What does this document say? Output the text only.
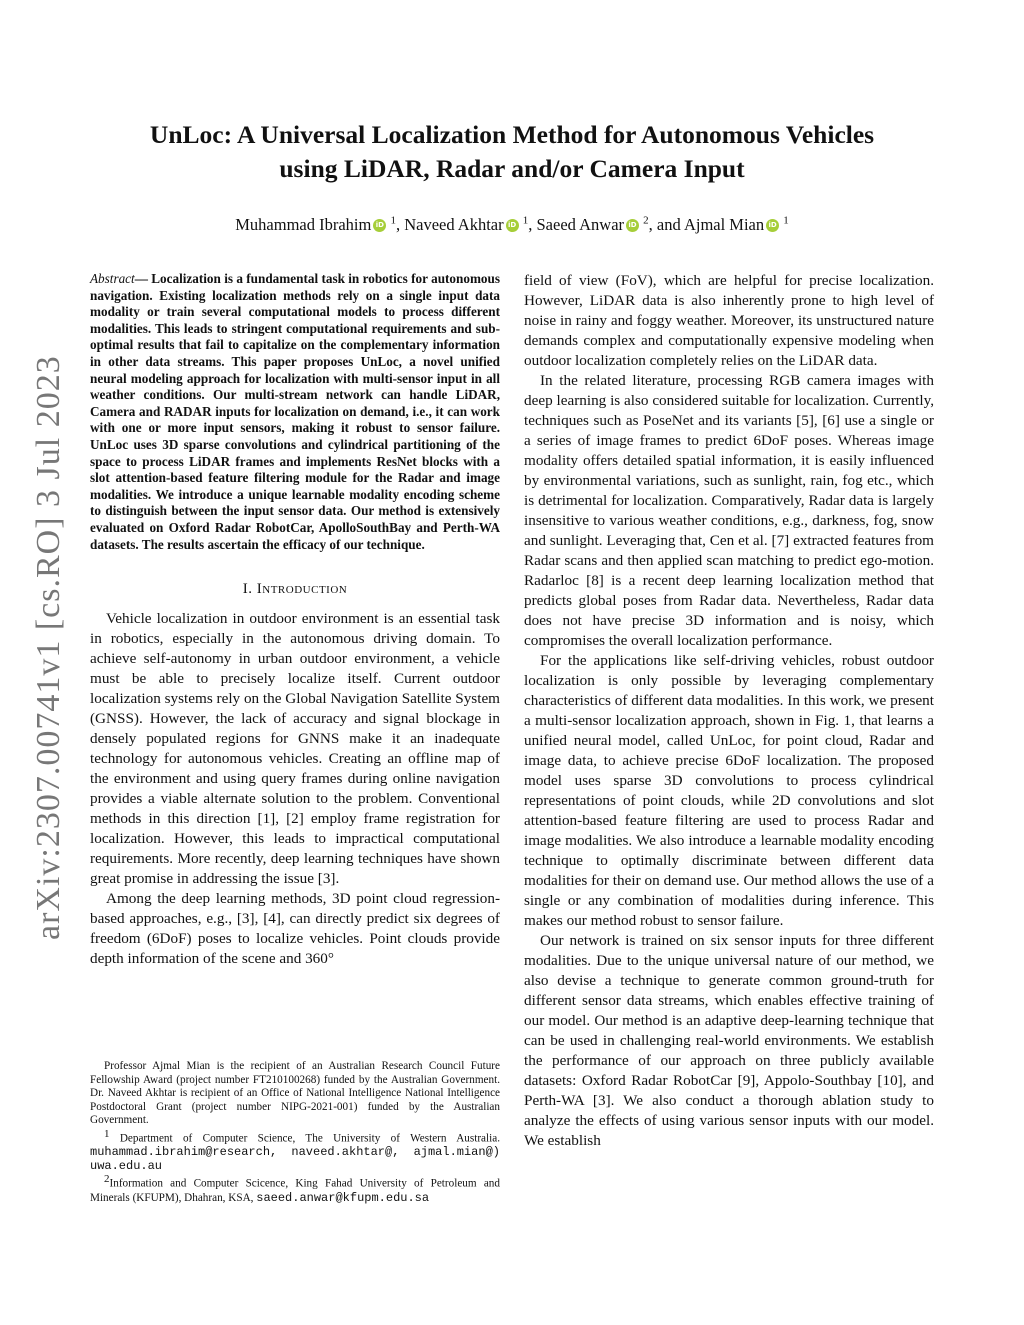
UnLoc: A Universal Localization Method for Autonomous Vehicles
using LiDAR, Radar and/or Camera Input
Muhammad Ibrahim iD $^1$, Naveed Akhtar iD $^1$, Saeed Anwar iD $^2$, and Ajmal Mian iD $^1$
arXiv:2307.00741v1 [cs.RO] 3 Jul 2023
Abstract— Localization is a fundamental task in robotics for autonomous navigation. Existing localization methods rely on a single input data modality or train several computational models to process different modalities. This leads to stringent computational requirements and sub-optimal results that fail to capitalize on the complementary information in other data streams. This paper proposes UnLoc, a novel unified neural modeling approach for localization with multi-sensor input in all weather conditions. Our multi-stream network can handle LiDAR, Camera and RADAR inputs for localization on demand, i.e., it can work with one or more input sensors, making it robust to sensor failure. UnLoc uses 3D sparse convolutions and cylindrical partitioning of the space to process LiDAR frames and implements ResNet blocks with a slot attention-based feature filtering module for the Radar and image modalities. We introduce a unique learnable modality encoding scheme to distinguish between the input sensor data. Our method is extensively evaluated on Oxford Radar RobotCar, ApolloSouthBay and Perth-WA datasets. The results ascertain the efficacy of our technique.
I. Introduction

Vehicle localization in outdoor environment is an essential task in robotics, especially in the autonomous driving domain. To achieve self-autonomy in urban outdoor environment, a vehicle must be able to precisely localize itself. Current outdoor localization systems rely on the Global Navigation Satellite System (GNSS). However, the lack of accuracy and signal blockage in densely populated regions for GNNS make it an inadequate technology for autonomous vehicles. Creating an offline map of the environment and using query frames during online navigation provides a viable alternate solution to the problem. Conventional methods in this direction [1], [2] employ frame registration for localization. However, this leads to impractical computational requirements. More recently, deep learning techniques have shown great promise in addressing the issue [3].

Among the deep learning methods, 3D point cloud regression-based approaches, e.g., [3], [4], can directly predict six degrees of freedom (6DoF) poses to localize vehicles. Point clouds provide depth information of the scene and 360°

Professor Ajmal Mian is the recipient of an Australian Research Council Future Fellowship Award (project number FT210100268) funded by the Australian Government. Dr. Naveed Akhtar is recipient of an Office of National Intelligence National Intelligence Postdoctoral Grant (project number NIPG-2021-001) funded by the Australian Government.

$^1$ Department of Computer Science, The University of Western Australia. muhammad.ibrahim@research, naveed.akhtar@, ajmal.mian@) uwa.edu.au

$^2$Information and Computer Scicence, King Fahad University of Petroleum and Minerals (KFUPM), Dhahran, KSA, saeed.anwar@kfupm.edu.sa

field of view (FoV), which are helpful for precise localization. However, LiDAR data is also inherently prone to high level of noise in rainy and foggy weather. Moreover, its unstructured nature demands complex and computationally expensive modeling when outdoor localization completely relies on the LiDAR data.

In the related literature, processing RGB camera images with deep learning is also considered suitable for localization. Currently, techniques such as PoseNet and its variants [5], [6] use a single or a series of image frames to predict 6DoF poses. Whereas image modality offers detailed spatial information, it is easily influenced by environmental variations, such as sunlight, rain, fog etc., which is detrimental for localization. Comparatively, Radar data is largely insensitive to various weather conditions, e.g., darkness, fog, snow and sunlight. Leveraging that, Cen et al. [7] extracted features from Radar scans and then applied scan matching to predict ego-motion. Radarloc [8] is a recent deep learning localization method that predicts global poses from Radar data. Nevertheless, Radar data does not have precise 3D information and is noisy, which compromises the overall localization performance.

For the applications like self-driving vehicles, robust outdoor localization is only possible by leveraging complementary characteristics of different data modalities. In this work, we present a multi-sensor localization approach, shown in Fig. 1, that learns a unified neural model, called UnLoc, for point cloud, Radar and image data, to achieve precise 6DoF localization. The proposed model uses sparse 3D convolutions to process cylindrical representations of point clouds, while 2D convolutions and slot attention-based feature filtering are used to process Radar and image modalities. We also introduce a learnable modality encoding technique to optimally discriminate between different data modalities for their on demand use. Our method allows the use of a single or any combination of modalities during inference. This makes our method robust to sensor failure.

Our network is trained on six sensor inputs for three different modalities. Due to the unique universal nature of our method, we also devise a technique to generate common ground-truth for different sensor data streams, which enables effective training of our model. Our method is an adaptive deep-learning technique that can be used in challenging real-world environments. We establish the performance of our approach on three publicly available datasets: Oxford Radar RobotCar [9], Appolo-Southbay [10], and Perth-WA [3]. We also conduct a thorough ablation study to analyze the effects of using various sensor inputs with our model. We establish
